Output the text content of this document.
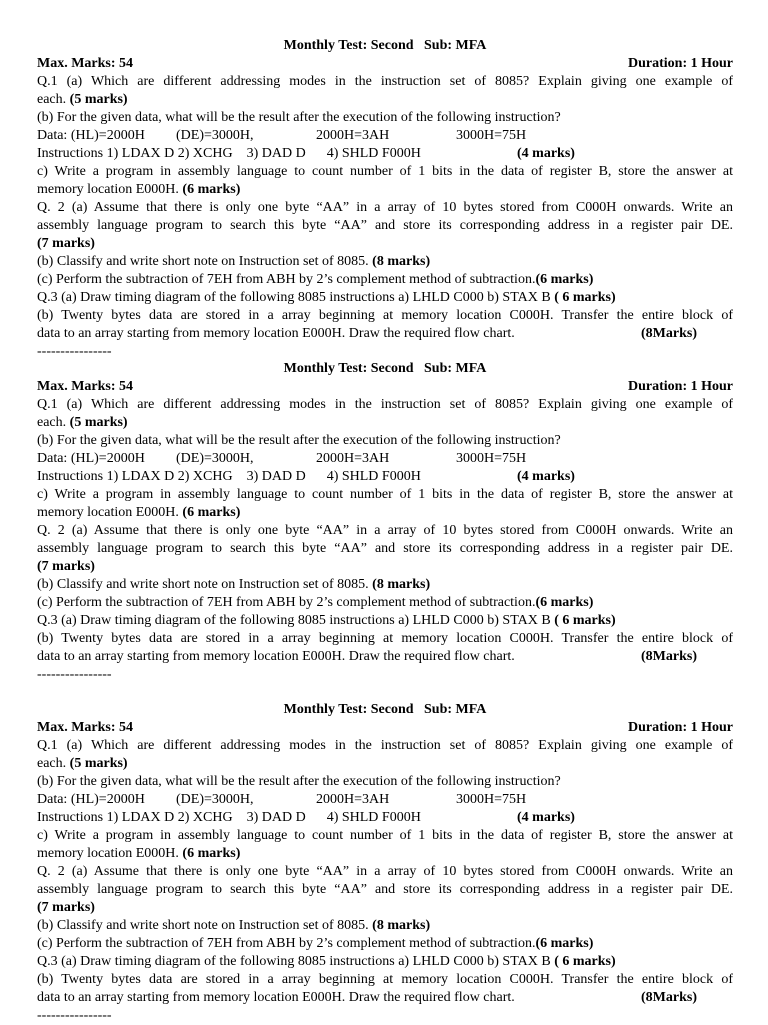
Monthly Test: Second   Sub: MFA
Max. Marks: 54	Duration: 1 Hour
Q.1 (a) Which are different addressing modes in the instruction set of 8085? Explain giving one example of
each. (5 marks)
(b) For the given data, what will be the result after the execution of the following instruction?
Data: (HL)=2000H (DE)=3000H,	2000H=3AH	3000H=75H
Instructions 1) LDAX D 2) XCHG    3) DAD D      4) SHLD F000H	(4 marks)
c) Write a program in assembly language to count number of 1 bits in the data of register B, store the answer at
memory location E000H. (6 marks)
Q. 2 (a) Assume that there is only one byte “AA” in a array of 10 bytes stored from C000H onwards. Write an
assembly language program to search this byte “AA” and store its corresponding address in a register pair DE.
(7 marks)
(b) Classify and write short note on Instruction set of 8085. (8 marks)
(c) Perform the subtraction of 7EH from ABH by 2’s complement method of subtraction.(6 marks)
Q.3 (a) Draw timing diagram of the following 8085 instructions a) LHLD C000 b) STAX B ( 6 marks)
(b) Twenty bytes data are stored in a array beginning at memory location C000H. Transfer the entire block of
data to an array starting from memory location E000H. Draw the required flow chart.	(8Marks)
----------------
Monthly Test: Second   Sub: MFA
Max. Marks: 54	Duration: 1 Hour
Q.1 (a) Which are different addressing modes in the instruction set of 8085? Explain giving one example of
each. (5 marks)
(b) For the given data, what will be the result after the execution of the following instruction?
Data: (HL)=2000H (DE)=3000H,	2000H=3AH	3000H=75H
Instructions 1) LDAX D 2) XCHG    3) DAD D      4) SHLD F000H	(4 marks)
c) Write a program in assembly language to count number of 1 bits in the data of register B, store the answer at
memory location E000H. (6 marks)
Q. 2 (a) Assume that there is only one byte “AA” in a array of 10 bytes stored from C000H onwards. Write an
assembly language program to search this byte “AA” and store its corresponding address in a register pair DE.
(7 marks)
(b) Classify and write short note on Instruction set of 8085. (8 marks)
(c) Perform the subtraction of 7EH from ABH by 2’s complement method of subtraction.(6 marks)
Q.3 (a) Draw timing diagram of the following 8085 instructions a) LHLD C000 b) STAX B ( 6 marks)
(b) Twenty bytes data are stored in a array beginning at memory location C000H. Transfer the entire block of
data to an array starting from memory location E000H. Draw the required flow chart.	(8Marks)
----------------
Monthly Test: Second   Sub: MFA
Max. Marks: 54	Duration: 1 Hour
Q.1 (a) Which are different addressing modes in the instruction set of 8085? Explain giving one example of
each. (5 marks)
(b) For the given data, what will be the result after the execution of the following instruction?
Data: (HL)=2000H (DE)=3000H,	2000H=3AH	3000H=75H
Instructions 1) LDAX D 2) XCHG    3) DAD D      4) SHLD F000H	(4 marks)
c) Write a program in assembly language to count number of 1 bits in the data of register B, store the answer at
memory location E000H. (6 marks)
Q. 2 (a) Assume that there is only one byte “AA” in a array of 10 bytes stored from C000H onwards. Write an
assembly language program to search this byte “AA” and store its corresponding address in a register pair DE.
(7 marks)
(b) Classify and write short note on Instruction set of 8085. (8 marks)
(c) Perform the subtraction of 7EH from ABH by 2’s complement method of subtraction.(6 marks)
Q.3 (a) Draw timing diagram of the following 8085 instructions a) LHLD C000 b) STAX B ( 6 marks)
(b) Twenty bytes data are stored in a array beginning at memory location C000H. Transfer the entire block of
data to an array starting from memory location E000H. Draw the required flow chart.	(8Marks)
----------------
